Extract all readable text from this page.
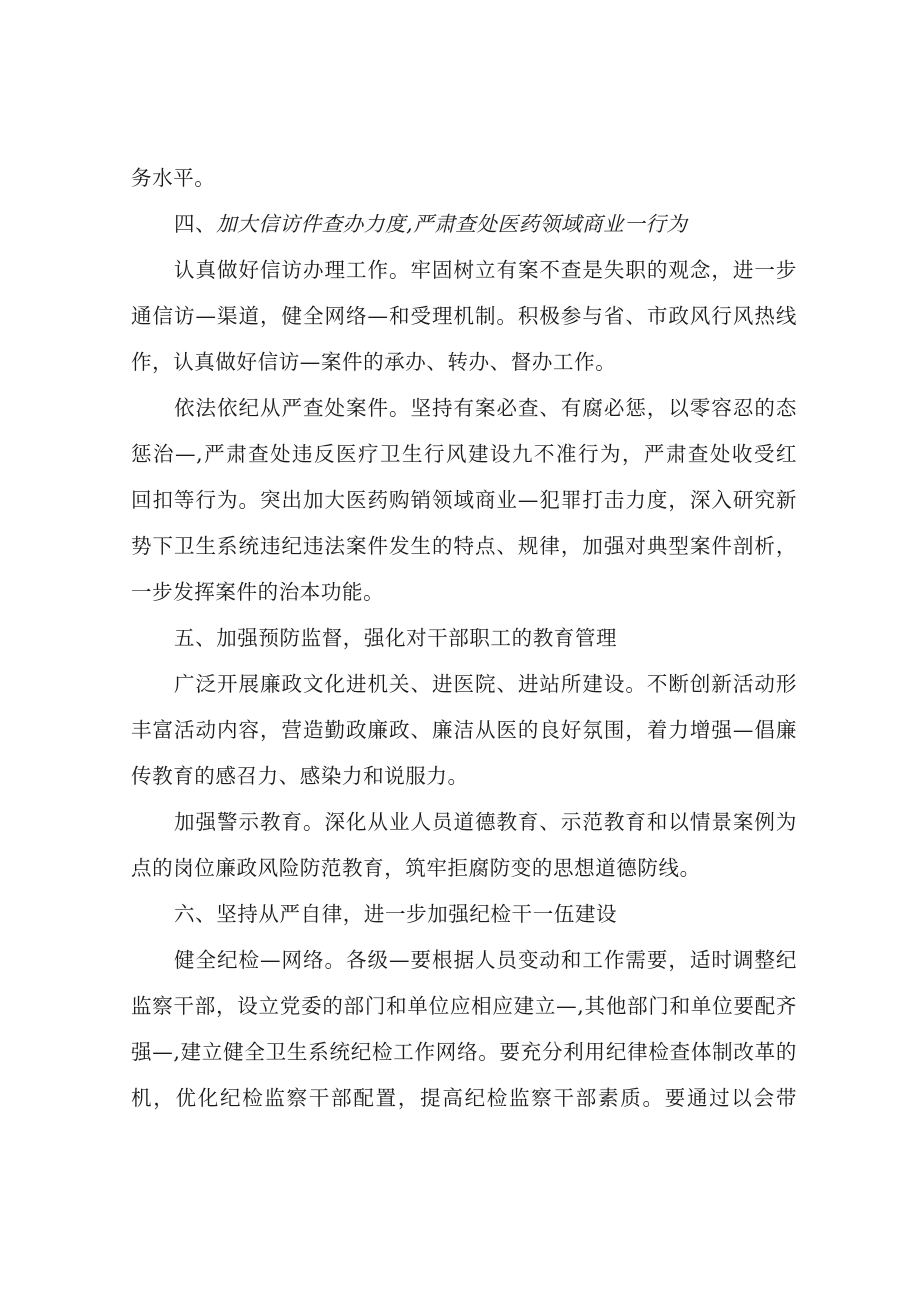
务水平。
四、加大信访件查办力度,严肃查处医药领域商业一行为
认真做好信访办理工作。牢固树立有案不查是失职的观念，进一步
通信访—渠道，健全网络—和受理机制。积极参与省、市政风行风热线
作，认真做好信访—案件的承办、转办、督办工作。
依法依纪从严查处案件。坚持有案必查、有腐必惩，以零容忍的态
惩治—,严肃查处违反医疗卫生行风建设九不准行为，严肃查处收受红
回扣等行为。突出加大医药购销领域商业—犯罪打击力度，深入研究新
势下卫生系统违纪违法案件发生的特点、规律，加强对典型案件剖析，
一步发挥案件的治本功能。
五、加强预防监督，强化对干部职工的教育管理
广泛开展廉政文化进机关、进医院、进站所建设。不断创新活动形
丰富活动内容，营造勤政廉政、廉洁从医的良好氛围，着力增强—倡廉
传教育的感召力、感染力和说服力。
加强警示教育。深化从业人员道德教育、示范教育和以情景案例为
点的岗位廉政风险防范教育，筑牢拒腐防变的思想道德防线。
六、坚持从严自律，进一步加强纪检干一伍建设
健全纪检—网络。各级—要根据人员变动和工作需要，适时调整纪
监察干部，设立党委的部门和单位应相应建立—,其他部门和单位要配齐
强—,建立健全卫生系统纪检工作网络。要充分利用纪律检查体制改革的
机，优化纪检监察干部配置，提高纪检监察干部素质。要通过以会带
